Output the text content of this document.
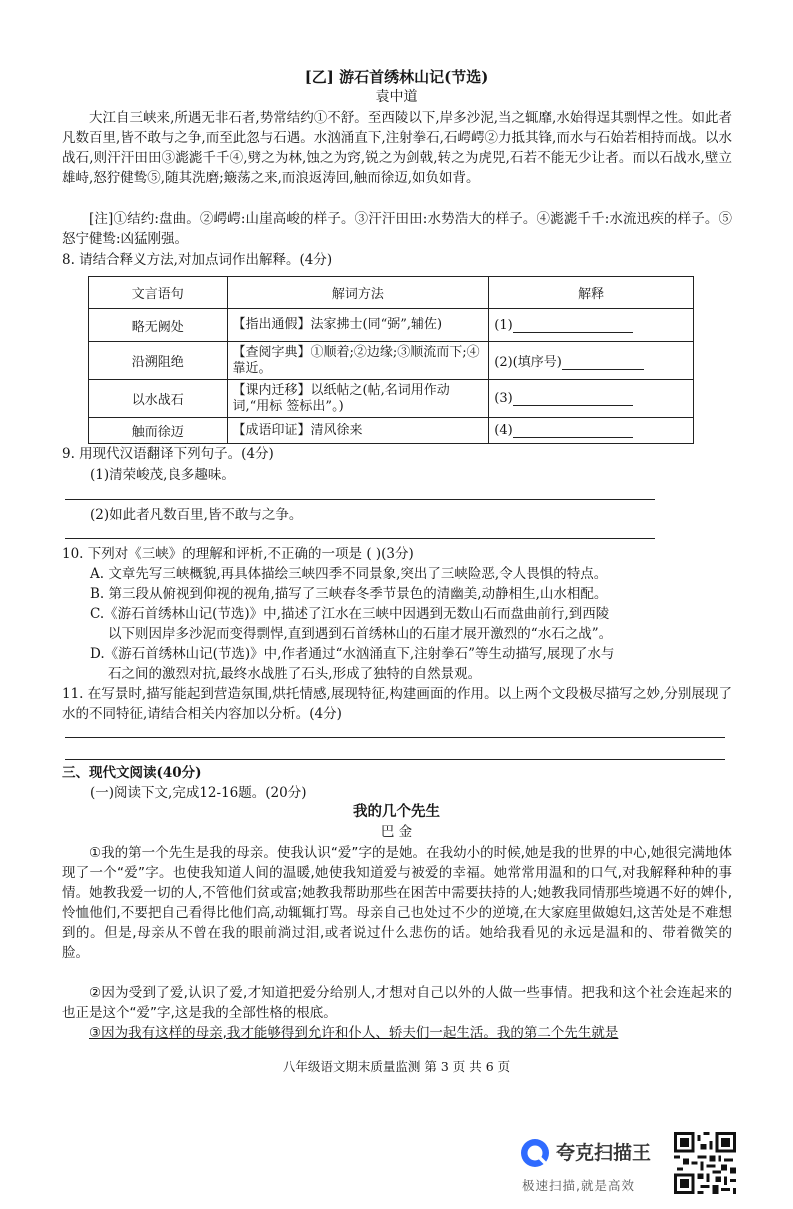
[乙] 游石首绣林山记(节选)
袁中道

大江自三峡来,所遇无非石者,势常结约①不舒。至西陵以下,岸多沙泥,当之辄靡,水始得逞其剽悍之性。如此者凡数百里,皆不敢与之争,而至此忽与石遇。水汹涌直下,注射拳石,石崿崿②力抵其锋,而水与石始若相持而战。以水战石,则汗汗田田③滮滮千千④,劈之为林,蚀之为窍,锐之为剑戟,转之为虎兕,石若不能无少让者。而以石战水,壁立雄峙,怒狞健鸷⑤,随其洗磨;簸荡之来,而浪返涛回,触而徐迈,如负如背。

[注]①结约:盘曲。②崿崿:山崖高峻的样子。③汗汗田田:水势浩大的样子。④滮滮千千:水流迅疾的样子。⑤怒宁健鸷:凶猛刚强。

8. 请结合释义方法,对加点词作出解释。(4分)
文言语句	解词方法	解释
略无阙处	【指出通假】法家拂士(同“弼”,辅佐)	(1)
沿溯阻绝	【查阅字典】①顺着;②边缘;③顺流而下;④靠近。	(2)(填序号)
以水战石	【课内迁移】以纸帖之(帖,名词用作动词,“用标 签标出”。)	(3)
触而徐迈	【成语印证】清风徐来	(4)
9. 用现代汉语翻译下列句子。(4分)
(1)清荣峻茂,良多趣味。
(2)如此者凡数百里,皆不敢与之争。
10. 下列对《三峡》的理解和评析,不正确的一项是 ( )(3分)
A. 文章先写三峡概貌,再具体描绘三峡四季不同景象,突出了三峡险恶,令人畏惧的特点。
B. 第三段从俯视到仰视的视角,描写了三峡春冬季节景色的清幽美,动静相生,山水相配。
C.《游石首绣林山记(节选)》中,描述了江水在三峡中因遇到无数山石而盘曲前行,到西陵
以下则因岸多沙泥而变得剽悍,直到遇到石首绣林山的石崖才展开激烈的“水石之战”。
D.《游石首绣林山记(节选)》中,作者通过“水汹涌直下,注射拳石”等生动描写,展现了水与
石之间的激烈对抗,最终水战胜了石头,形成了独特的自然景观。

11. 在写景时,描写能起到营造氛围,烘托情感,展现特征,构建画面的作用。以上两个文段极尽描写之妙,分别展现了水的不同特征,请结合相关内容加以分析。(4分)

三、现代文阅读(40分)
(一)阅读下文,完成12-16题。(20分)
我的几个先生
巴 金

①我的第一个先生是我的母亲。使我认识“爱”字的是她。在我幼小的时候,她是我的世界的中心,她很完满地体现了一个“爱”字。也使我知道人间的温暖,她使我知道爱与被爱的幸福。她常常用温和的口气,对我解释种种的事情。她教我爱一切的人,不管他们贫或富;她教我帮助那些在困苦中需要扶持的人;她教我同情那些境遇不好的婢仆,怜恤他们,不要把自己看得比他们高,动辄辄打骂。母亲自己也处过不少的逆境,在大家庭里做媳妇,这苦处是不难想到的。但是,母亲从不曾在我的眼前淌过泪,或者说过什么悲伤的话。她给我看见的永远是温和的、带着微笑的脸。

②因为受到了爱,认识了爱,才知道把爱分给别人,才想对自己以外的人做一些事情。把我和这个社会连起来的也正是这个“爱”字,这是我的全部性格的根底。

③因为我有这样的母亲,我才能够得到允许和仆人、轿夫们一起生活。我的第二个先生就是

八年级语文期末质量监测 第 3 页 共 6 页
夸克扫描王
极速扫描,就是高效
